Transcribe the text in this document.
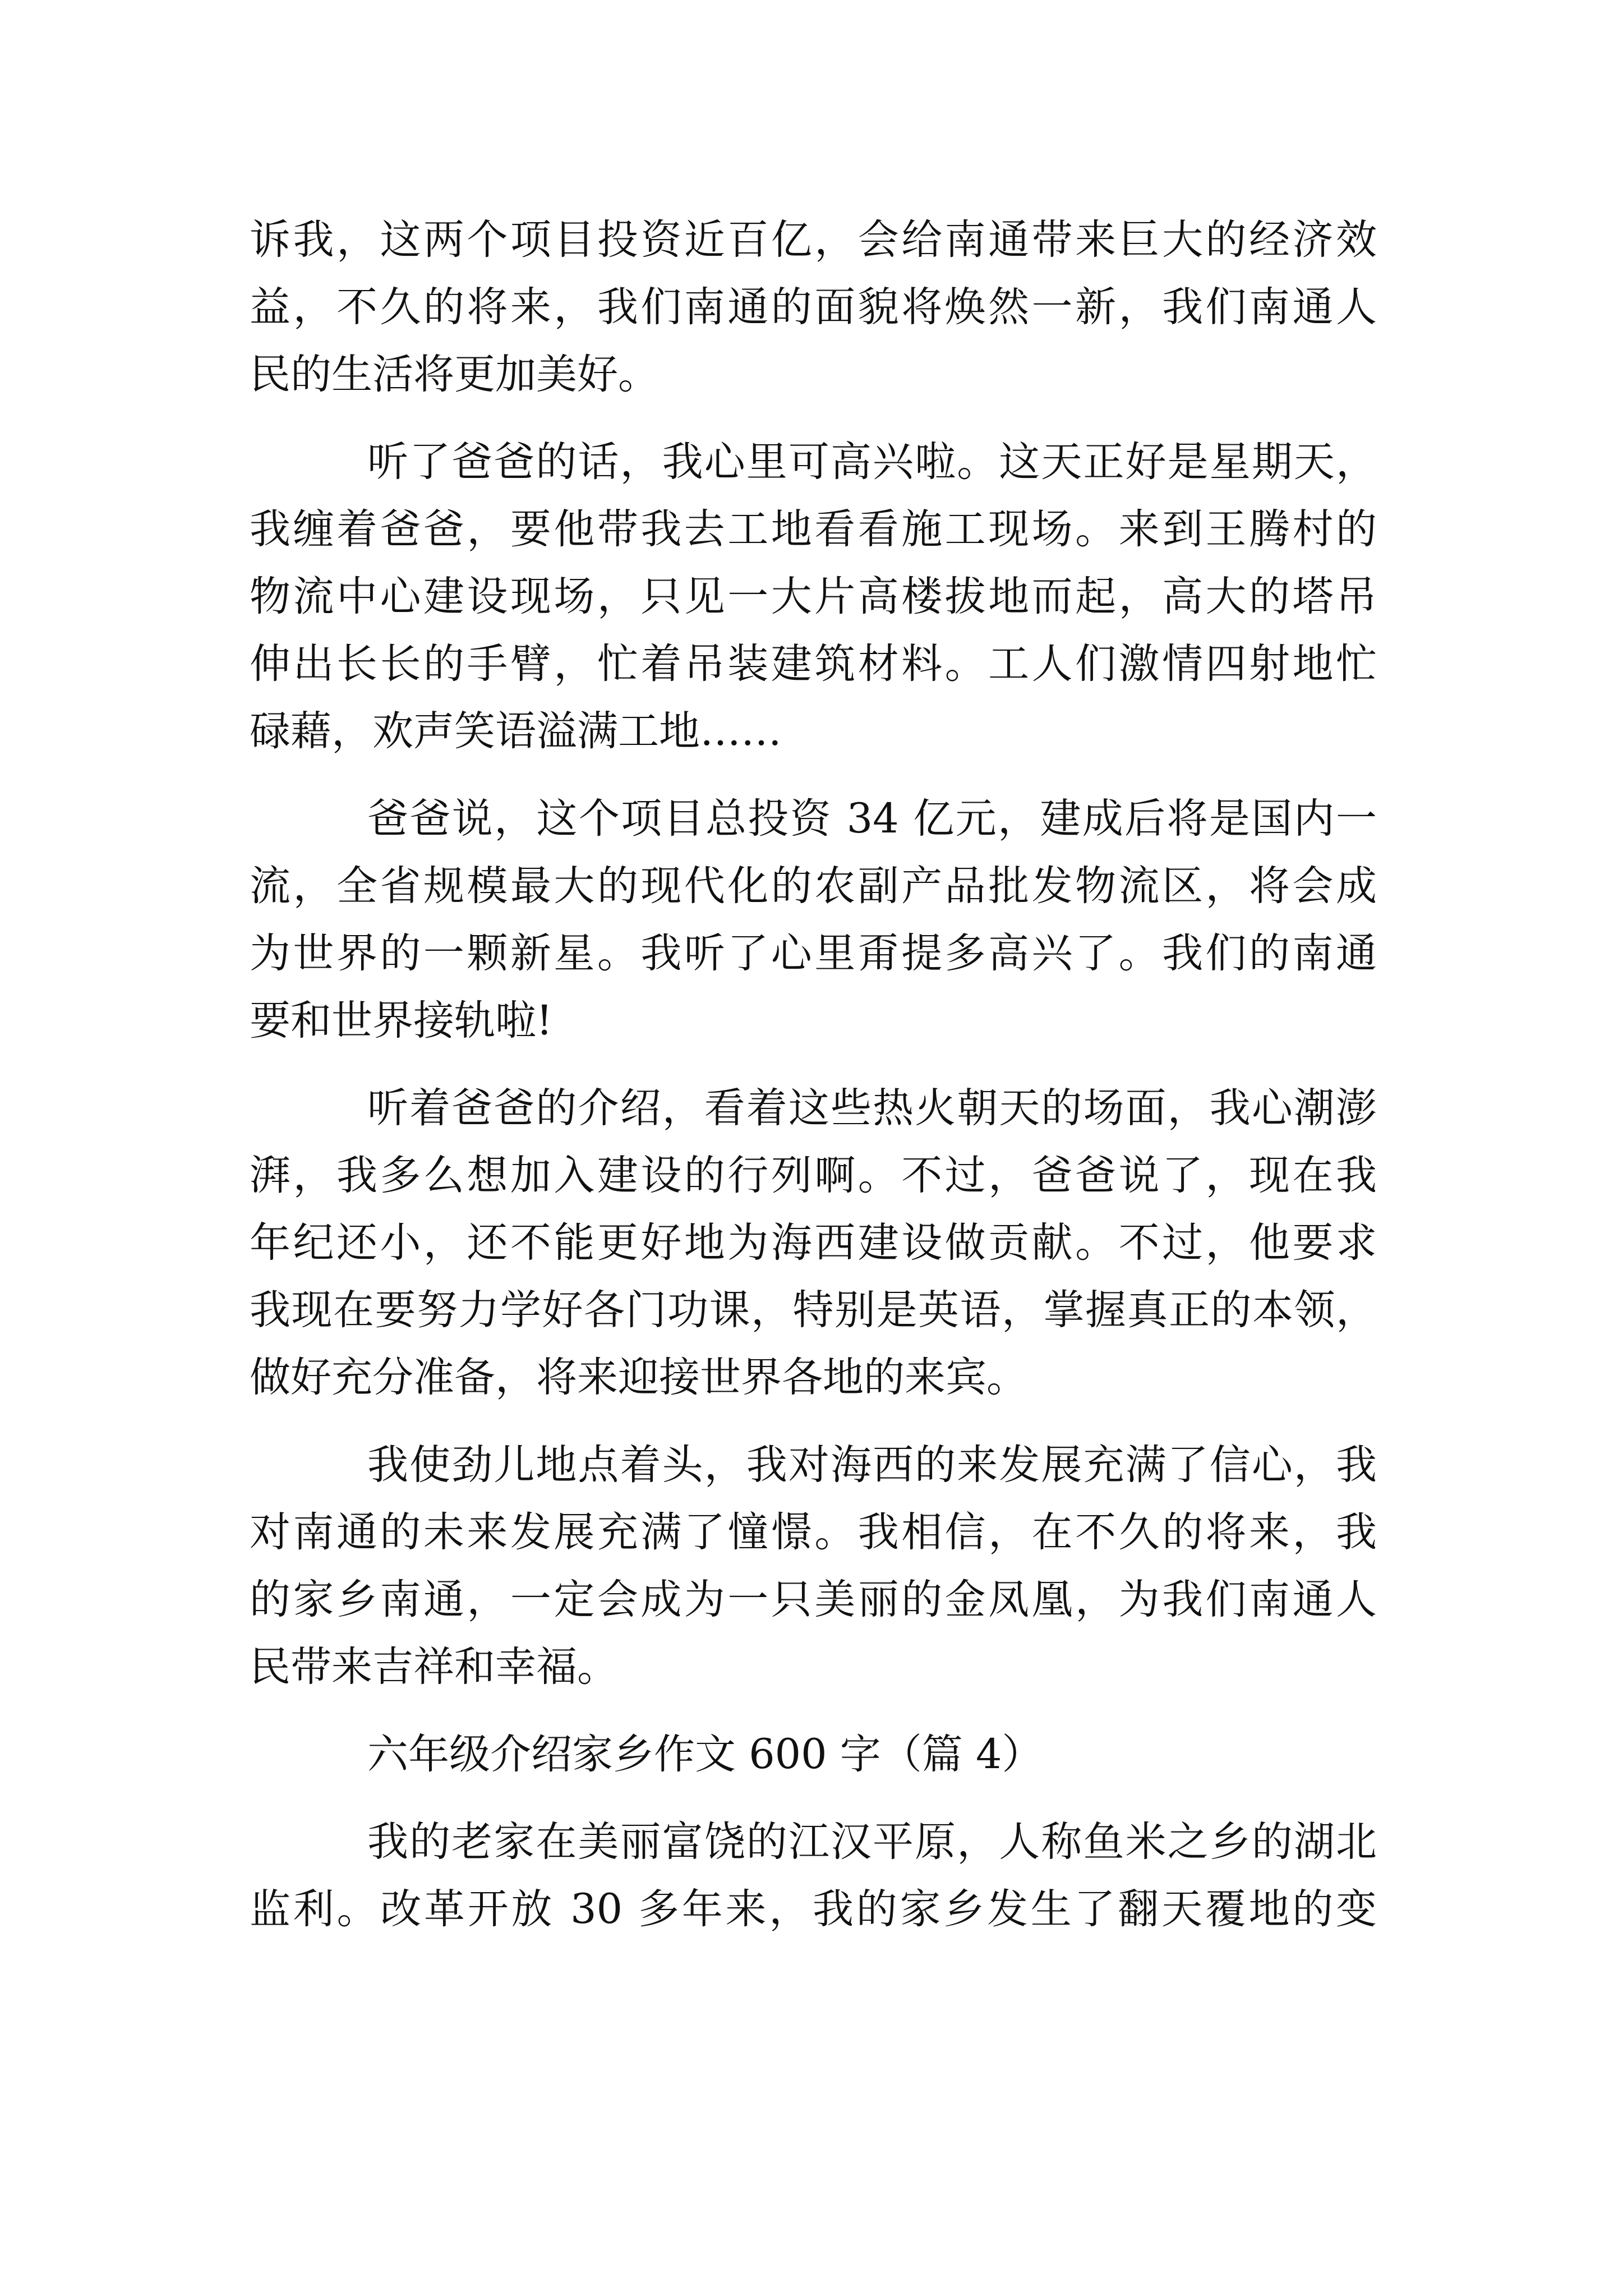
诉我，这两个项目投资近百亿，会给南通带来巨大的经济效
益，不久的将来，我们南通的面貌将焕然一新，我们南通人
民的生活将更加美好。
听了爸爸的话，我心里可高兴啦。这天正好是星期天，
我缠着爸爸，要他带我去工地看看施工现场。来到王腾村的
物流中心建设现场，只见一大片高楼拔地而起，高大的塔吊
伸出长长的手臂，忙着吊装建筑材料。工人们激情四射地忙
碌藉，欢声笑语溢满工地……
爸爸说，这个项目总投资 34 亿元，建成后将是国内一
流，全省规模最大的现代化的农副产品批发物流区，将会成
为世界的一颗新星。我听了心里甭提多高兴了。我们的南通
要和世界接轨啦!
听着爸爸的介绍，看着这些热火朝天的场面，我心潮澎
湃，我多么想加入建设的行列啊。不过，爸爸说了，现在我
年纪还小，还不能更好地为海西建设做贡献。不过，他要求
我现在要努力学好各门功课，特别是英语，掌握真正的本领，
做好充分准备，将来迎接世界各地的来宾。
我使劲儿地点着头，我对海西的来发展充满了信心，我
对南通的未来发展充满了憧憬。我相信，在不久的将来，我
的家乡南通，一定会成为一只美丽的金凤凰，为我们南通人
民带来吉祥和幸福。
六年级介绍家乡作文 600 字（篇 4）
我的老家在美丽富饶的江汉平原，人称鱼米之乡的湖北
监利。改革开放 30 多年来，我的家乡发生了翻天覆地的变
